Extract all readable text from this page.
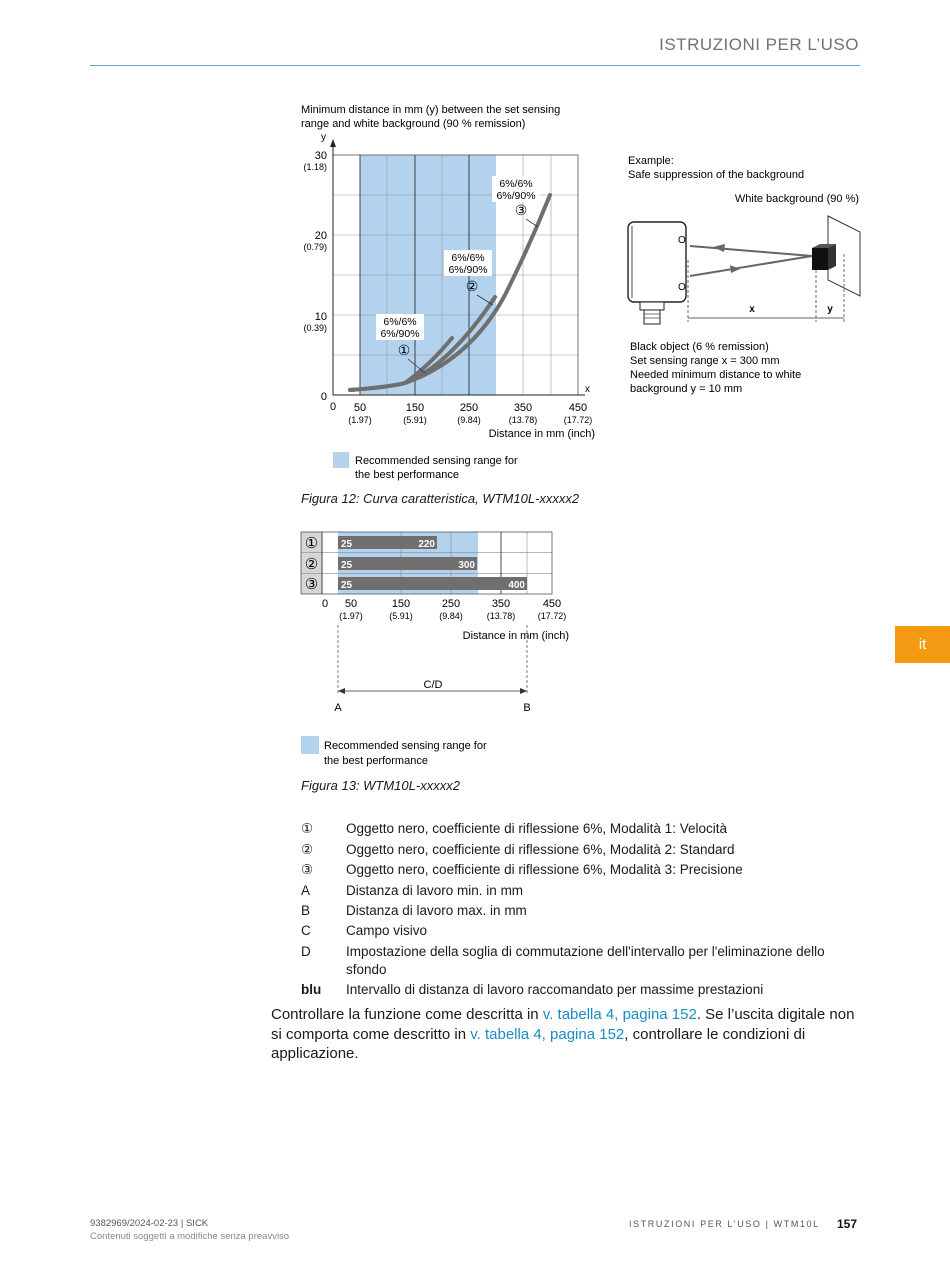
ISTRUZIONI PER L’USO
Minimum distance in mm (y) between the set sensing
range and white background (90 % remission)
y
x
30
(1.18)
20
(0.79)
10
(0.39)
0
0 50
(1.97)
150
(5.91)
250
(9.84)
350
(13.78)
450
(17.72)
Distance in mm (inch)
6%/6%
6%/90%
①
6%/6%
6%/90%
②
6%/6%
6%/90%
③
Recommended sensing range for
the best performance
Figura 12: Curva caratteristica, WTM10L-xxxxx2
Example:
Safe suppression of the background
White background (90 %)
O
O
x	y
Black object (6 % remission)
Set sensing range x = 300 mm
Needed minimum distance to white
background y = 10 mm
25	220
25	300
25	400
①
②
③
0 50
(1.97)
150
(5.91)
250
(9.84)
350
(13.78)
450
(17.72)
Distance in mm (inch)
C/D
A	B
Recommended sensing range for
the best performance
Figura 13: WTM10L-xxxxx2
①	Oggetto nero, coefficiente di riflessione 6%, Modalità 1: Velocità
②	Oggetto nero, coefficiente di riflessione 6%, Modalità 2: Standard
③	Oggetto nero, coefficiente di riflessione 6%, Modalità 3: Precisione
A	Distanza di lavoro min. in mm
B	Distanza di lavoro max. in mm
C	Campo visivo
D	Impostazione della soglia di commutazione dell'intervallo per l'eliminazione dello sfondo
blu	Intervallo di distanza di lavoro raccomandato per massime prestazioni

Controllare la funzione come descritta in v. tabella 4, pagina 152. Se l’uscita digitale non si comporta come descritto in v. tabella 4, pagina 152, controllare le condizioni di applicazione.

it
9382969/2024-02-23 | SICK
Contenuti soggetti a modifiche senza preavviso
ISTRUZIONI PER L’USO | WTM10L 157
